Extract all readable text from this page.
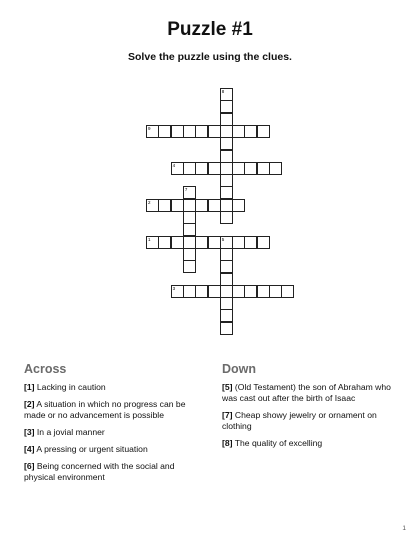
Puzzle #1
Solve the puzzle using the clues.
8
9
4
7
2
1	5
3
Across
[1] Lacking in caution
[2] A situation in which no progress can be made or no advancement is possible
[3] In a jovial manner
[4] A pressing or urgent situation
[6] Being concerned with the social and physical environment
Down
[5] (Old Testament) the son of Abraham who was cast out after the birth of Isaac
[7] Cheap showy jewelry or ornament on clothing
[8] The quality of excelling
1
